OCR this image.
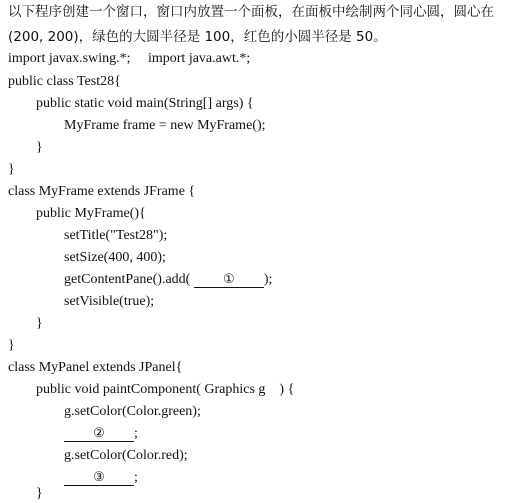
以下程序创建一个窗口，窗口内放置一个面板，在面板中绘制两个同心圆，圆心在
(200, 200)，绿色的大圆半径是 100，红色的小圆半径是 50。
import javax.swing.*;     import java.awt.*;
public class Test28{
public static void main(String[] args) {
MyFrame frame = new MyFrame();
}
}
class MyFrame extends JFrame {
public MyFrame(){
setTitle("Test28");
setSize(400, 400);
getContentPane().add(	① );
setVisible(true);
}
}
class MyPanel extends JPanel{
public void paintComponent( Graphics g    ) {
g.setColor(Color.green);
② ;
g.setColor(Color.red);
③ ;
}
